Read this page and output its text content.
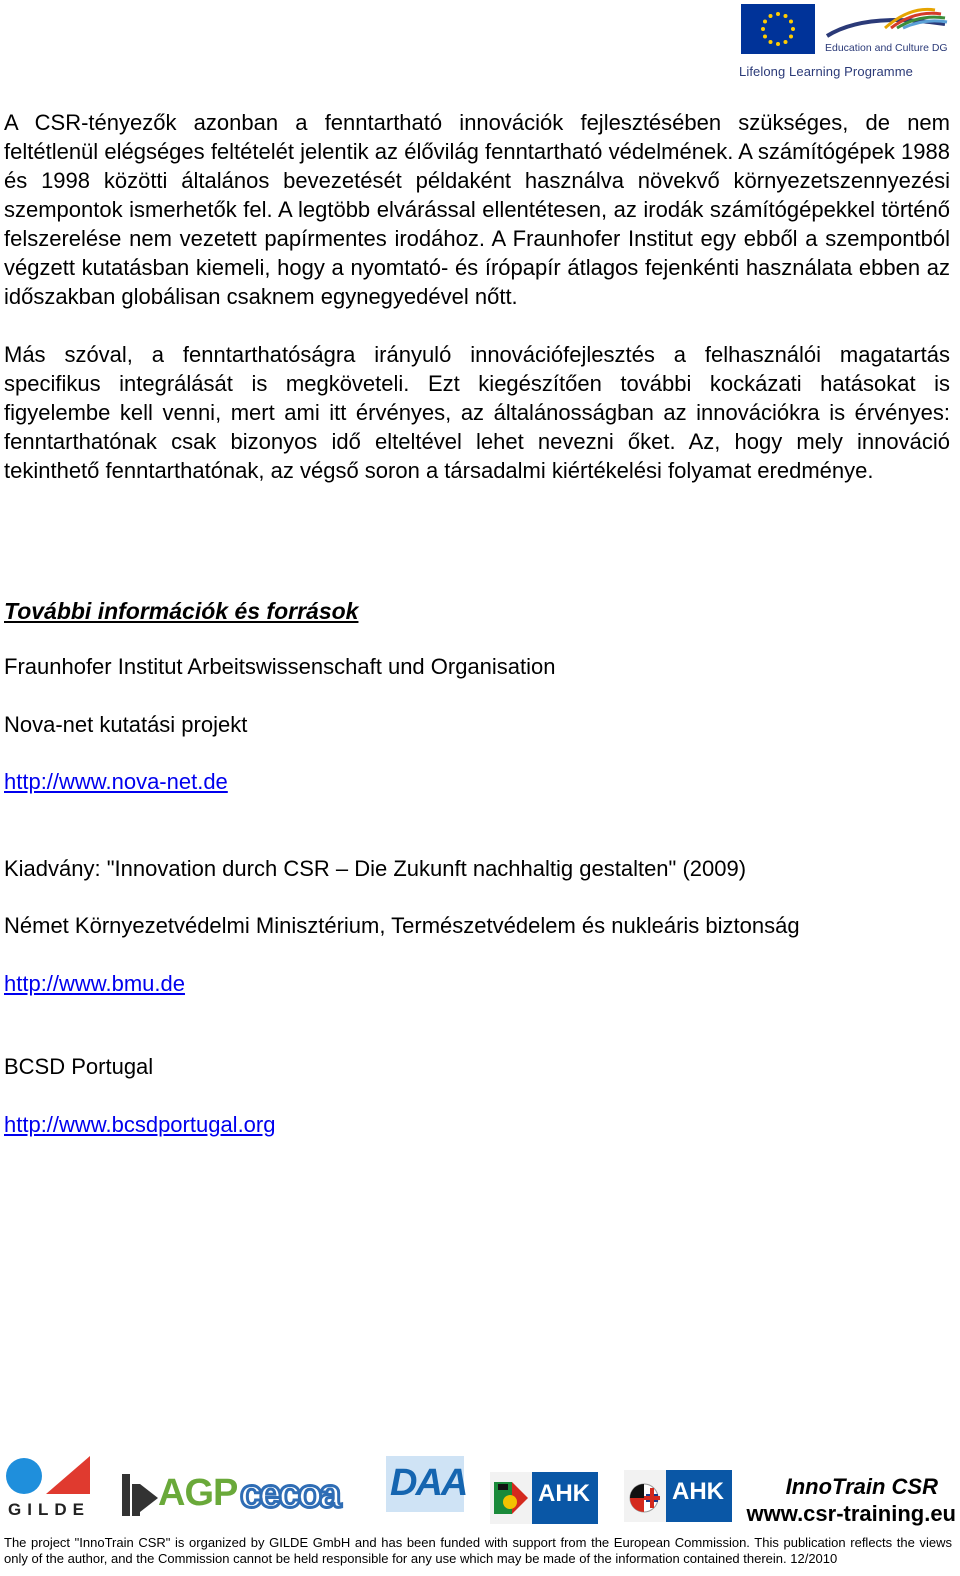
Education and Culture DG
Lifelong Learning Programme

A CSR-tényezők azonban a fenntartható innovációk fejlesztésében szükséges, de nem feltétlenül elégséges feltételét jelentik az élővilág fenntartható védelmének. A számítógépek 1988 és 1998 közötti általános bevezetését példaként használva növekvő környezetszennyezési szempontok ismerhetők fel. A legtöbb elvárással ellentétesen, az irodák számítógépekkel történő felszerelése nem vezetett papírmentes irodához. A Fraunhofer Institut egy ebből a szempontból végzett kutatásban kiemeli, hogy a nyomtató- és írópapír átlagos fejenkénti használata ebben az időszakban globálisan csaknem egynegyedével nőtt.

Más szóval, a fenntarthatóságra irányuló innovációfejlesztés a felhasználói magatartás specifikus integrálását is megköveteli. Ezt kiegészítően további kockázati hatásokat is figyelembe kell venni, mert ami itt érvényes, az általánosságban az innovációkra is érvényes: fenntarthatónak csak bizonyos idő elteltével lehet nevezni őket. Az, hogy mely innováció tekinthető fenntarthatónak, az végső soron a társadalmi kiértékelési folyamat eredménye.

További információk és források

Fraunhofer Institut Arbeitswissenschaft und Organisation

Nova-net kutatási projekt

http://www.nova-net.de

Kiadvány: "Innovation durch CSR – Die Zukunft nachhaltig gestalten" (2009)

Német Környezetvédelmi Minisztérium, Természetvédelem és nukleáris biztonság

http://www.bmu.de

BCSD Portugal

http://www.bcsdportugal.org

GILDE AGP cecoa DAA	AHK	AHK	InnoTrain CSR
www.csr-training.eu

The project "InnoTrain CSR" is organized by GILDE GmbH and has been funded with support from the European Commission. This publication reflects the views only of the author, and the Commission cannot be held responsible for any use which may be made of the information contained therein. 12/2010
